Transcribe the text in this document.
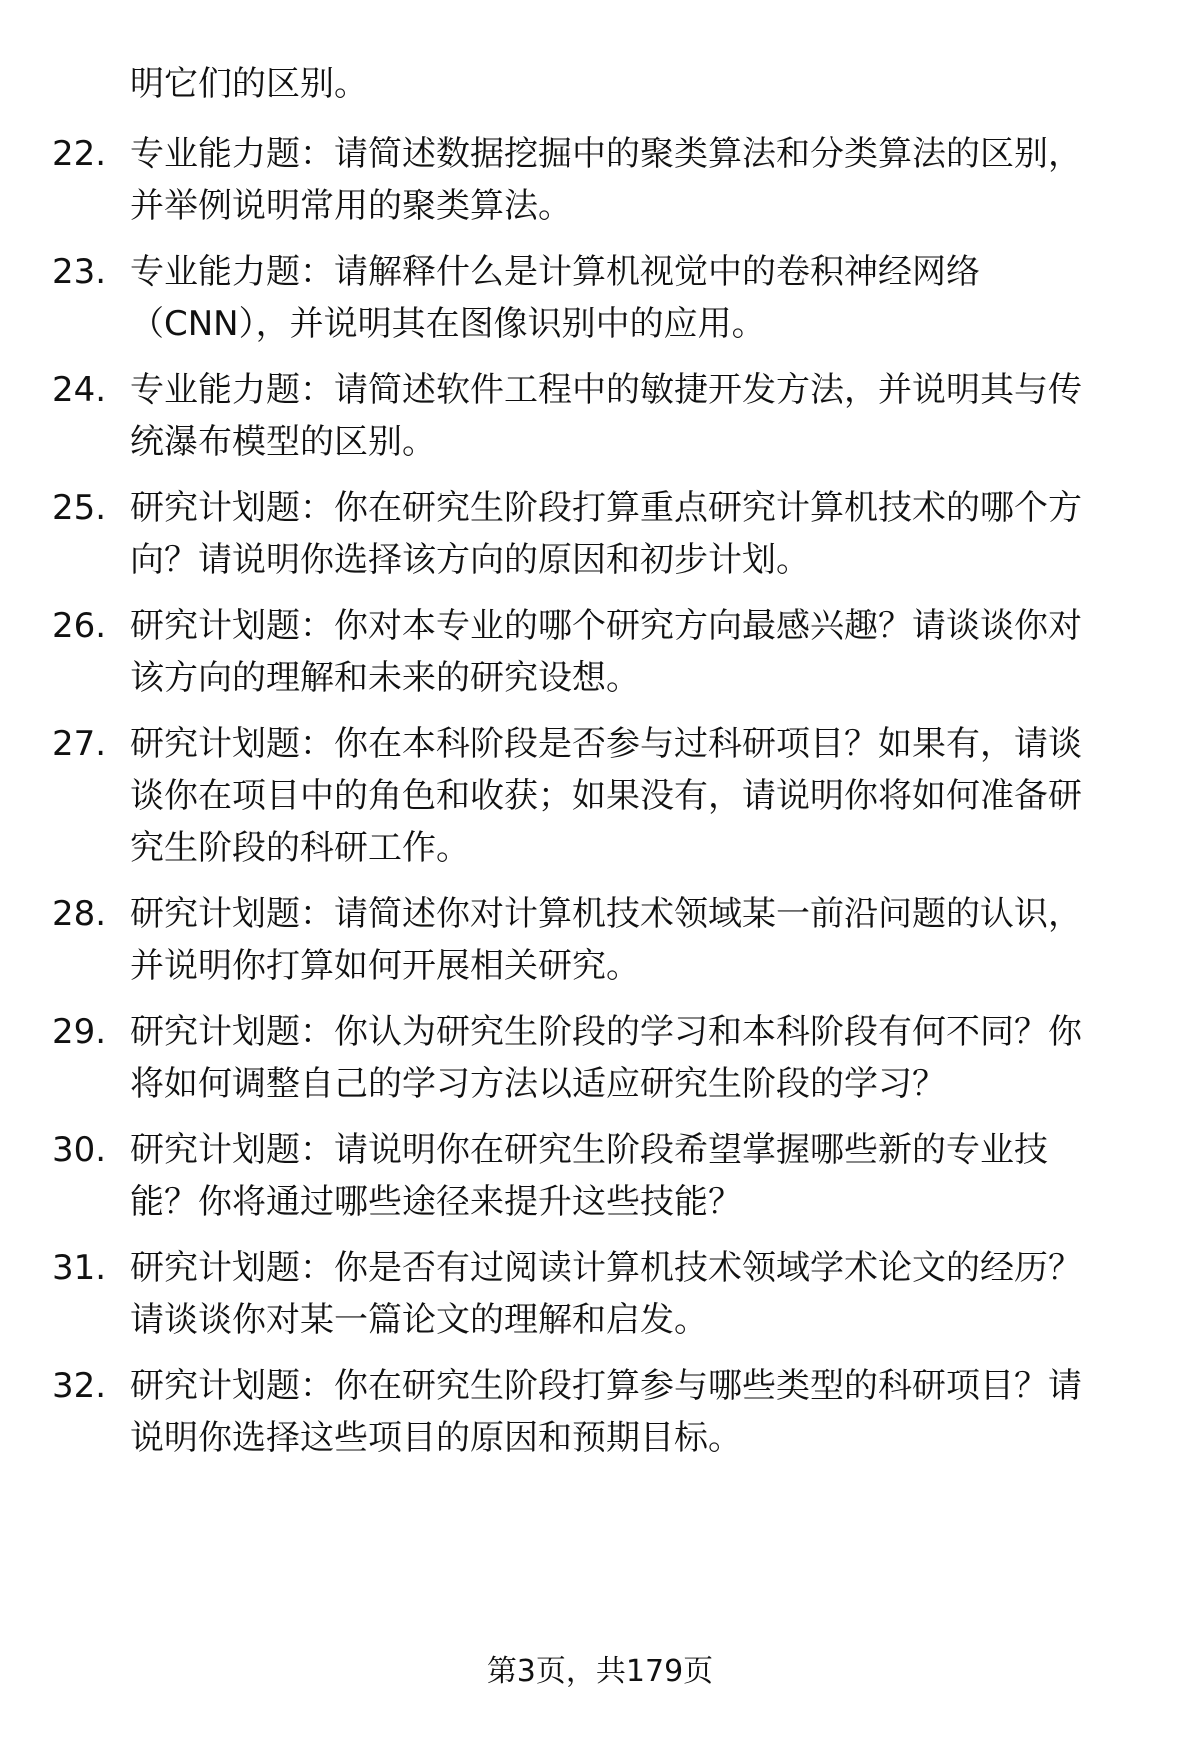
明它们的区别。

22. 专业能力题：请简述数据挖掘中的聚类算法和分类算法的区别，
并举例说明常用的聚类算法。
23. 专业能力题：请解释什么是计算机视觉中的卷积神经网络
（CNN），并说明其在图像识别中的应用。
24. 专业能力题：请简述软件工程中的敏捷开发方法，并说明其与传
统瀑布模型的区别。
25. 研究计划题：你在研究生阶段打算重点研究计算机技术的哪个方
向？请说明你选择该方向的原因和初步计划。
26. 研究计划题：你对本专业的哪个研究方向最感兴趣？请谈谈你对
该方向的理解和未来的研究设想。
27. 研究计划题：你在本科阶段是否参与过科研项目？如果有，请谈
谈你在项目中的角色和收获；如果没有，请说明你将如何准备研
究生阶段的科研工作。
28. 研究计划题：请简述你对计算机技术领域某一前沿问题的认识，
并说明你打算如何开展相关研究。
29. 研究计划题：你认为研究生阶段的学习和本科阶段有何不同？你
将如何调整自己的学习方法以适应研究生阶段的学习？
30. 研究计划题：请说明你在研究生阶段希望掌握哪些新的专业技
能？你将通过哪些途径来提升这些技能？
31. 研究计划题：你是否有过阅读计算机技术领域学术论文的经历？
请谈谈你对某一篇论文的理解和启发。
32. 研究计划题：你在研究生阶段打算参与哪些类型的科研项目？请
说明你选择这些项目的原因和预期目标。
第3页，共179页
